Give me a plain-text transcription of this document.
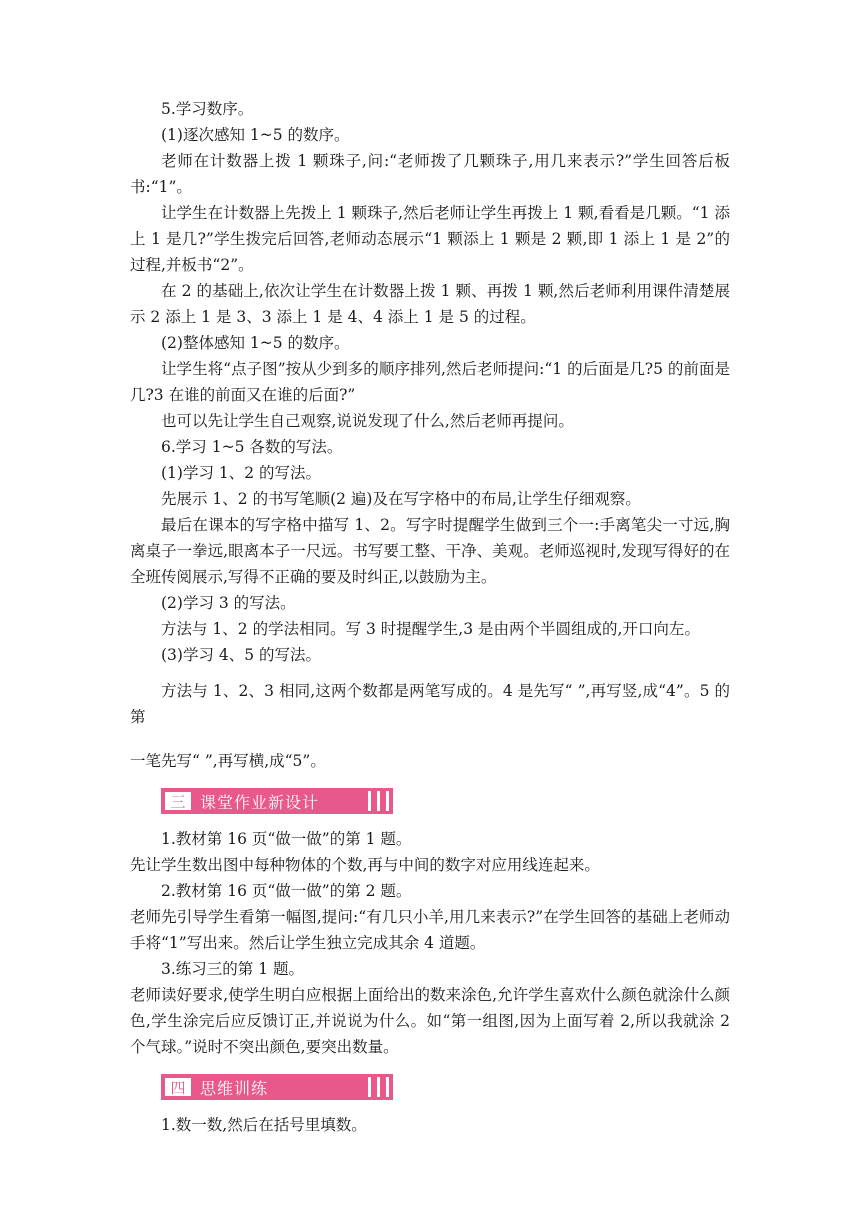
5.学习数序。

(1)逐次感知 1~5 的数序。

老师在计数器上拨 1 颗珠子,问:“老师拨了几颗珠子,用几来表示?”学生回答后板书:“1”。

让学生在计数器上先拨上 1 颗珠子,然后老师让学生再拨上 1 颗,看看是几颗。“1 添上 1 是几?”学生拨完后回答,老师动态展示“1 颗添上 1 颗是 2 颗,即 1 添上 1 是 2”的过程,并板书“2”。

在 2 的基础上,依次让学生在计数器上拨 1 颗、再拨 1 颗,然后老师利用课件清楚展示 2 添上 1 是 3、3 添上 1 是 4、4 添上 1 是 5 的过程。

(2)整体感知 1~5 的数序。

让学生将“点子图”按从少到多的顺序排列,然后老师提问:“1 的后面是几?5 的前面是几?3 在谁的前面又在谁的后面?”

也可以先让学生自己观察,说说发现了什么,然后老师再提问。

6.学习 1~5 各数的写法。

(1)学习 1、2 的写法。

先展示 1、2 的书写笔顺(2 遍)及在写字格中的布局,让学生仔细观察。

最后在课本的写字格中描写 1、2。写字时提醒学生做到三个一:手离笔尖一寸远,胸离桌子一拳远,眼离本子一尺远。书写要工整、干净、美观。老师巡视时,发现写得好的在全班传阅展示,写得不正确的要及时纠正,以鼓励为主。

(2)学习 3 的写法。

方法与 1、2 的学法相同。写 3 时提醒学生,3 是由两个半圆组成的,开口向左。

(3)学习 4、5 的写法。

方法与 1、2、3 相同,这两个数都是两笔写成的。4 是先写“ ”,再写竖,成“4”。5 的第

一笔先写“ ”,再写横,成“5”。

三 课堂作业新设计

1.教材第 16 页“做一做”的第 1 题。

先让学生数出图中每种物体的个数,再与中间的数字对应用线连起来。

2.教材第 16 页“做一做”的第 2 题。

老师先引导学生看第一幅图,提问:“有几只小羊,用几来表示?”在学生回答的基础上老师动手将“1”写出来。然后让学生独立完成其余 4 道题。

3.练习三的第 1 题。

老师读好要求,使学生明白应根据上面给出的数来涂色,允许学生喜欢什么颜色就涂什么颜色,学生涂完后应反馈订正,并说说为什么。如“第一组图,因为上面写着 2,所以我就涂 2 个气球。”说时不突出颜色,要突出数量。

四 思维训练

1.数一数,然后在括号里填数。
